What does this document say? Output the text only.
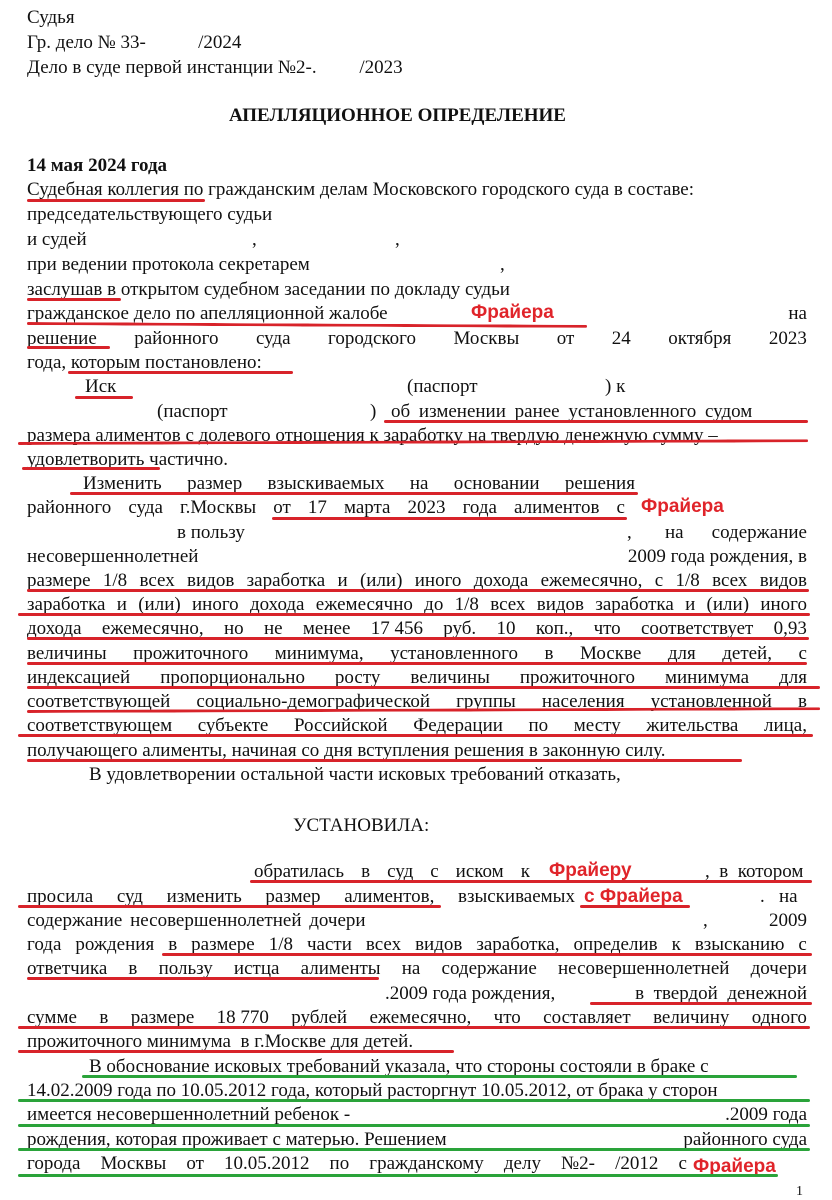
Судья
Гр. дело № 33-           /2024
Дело в суде первой инстанции №2-.         /2023
АПЕЛЛЯЦИОННОЕ ОПРЕДЕЛЕНИЕ
14 мая 2024 года
Судебная коллегия по гражданским делам Московского городского суда в составе:
председательствующего судьи
и судей	,	,
при ведении протокола секретарем	,
заслушав в открытом судебном заседании по докладу судьи
гражданское дело по апелляционной жалобе	на
решение районного суда городского Москвы от 24 октября 2023
года, которым постановлено:
Иск	(паспорт	) к
(паспорт	) об изменении ранее установленного судом
размера алиментов с долевого отношения к заработку на твердую денежную сумму –
удовлетворить частично.
Изменить размер взыскиваемых на основании решения
районного суда г.Москвы от 17 марта 2023 года алиментов с
в пользу	, на содержание
несовершеннолетней	2009 года рождения, в
размере 1/8 всех видов заработка и (или) иного дохода ежемесячно, с 1/8 всех видов
заработка и (или) иного дохода ежемесячно до 1/8 всех видов заработка и (или) иного
дохода ежемесячно, но не менее 17 456 руб. 10 коп., что соответствует 0,93
величины прожиточного минимума, установленного в Москве для детей, с
индексацией пропорционально росту величины прожиточного минимума для
соответствующей социально-демографической группы населения установленной в
соответствующем субъекте Российской Федерации по месту жительства лица,
получающего алименты, начиная со дня вступления решения в законную силу.
В удовлетворении остальной части исковых требований отказать,
УСТАНОВИЛА:
обратилась в суд с иском к	,  в  котором
просила суд изменить размер алиментов, взыскиваемых	.   на
содержание несовершеннолетней дочери	,	2009
года рождения в размере 1/8 части всех видов заработка, определив к взысканию с
ответчика в пользу истца алименты на содержание несовершеннолетней дочери
.2009 года рождения,	в  твердой  денежной
сумме в размере 18 770 рублей ежемесячно, что составляет величину одного
прожиточного минимума  в г.Москве для детей.
В обоснование исковых требований указала, что стороны состояли в браке с
14.02.2009 года по 10.05.2012 года, который расторгнут 10.05.2012, от брака у сторон
имеется несовершеннолетний ребенок -	.2009 года
рождения, которая проживает с матерью. Решением	районного суда
города Москвы от 10.05.2012 по гражданскому делу №2- /2012 с
Фрайера
Фрайера
Фрайеру
с Фрайера
Фрайера
1
